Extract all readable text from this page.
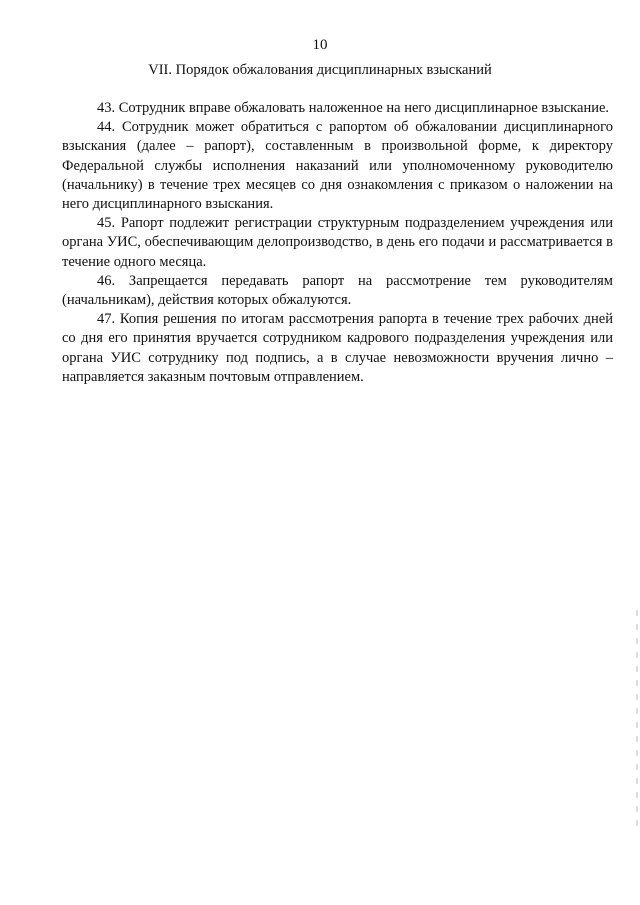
10
VII. Порядок обжалования дисциплинарных взысканий

43. Сотрудник вправе обжаловать наложенное на него дисциплинарное взыскание.

44. Сотрудник может обратиться с рапортом об обжаловании дисциплинарного взыскания (далее – рапорт), составленным в произвольной форме, к директору Федеральной службы исполнения наказаний или уполномоченному руководителю (начальнику) в течение трех месяцев со дня ознакомления с приказом о наложении на него дисциплинарного взыскания.

45. Рапорт подлежит регистрации структурным подразделением учреждения или органа УИС, обеспечивающим делопроизводство, в день его подачи и рассматривается в течение одного месяца.

46. Запрещается передавать рапорт на рассмотрение тем руководителям (начальникам), действия которых обжалуются.

47. Копия решения по итогам рассмотрения рапорта в течение трех рабочих дней со дня его принятия вручается сотрудником кадрового подразделения учреждения или органа УИС сотруднику под подпись, а в случае невозможности вручения лично – направляется заказным почтовым отправлением.
